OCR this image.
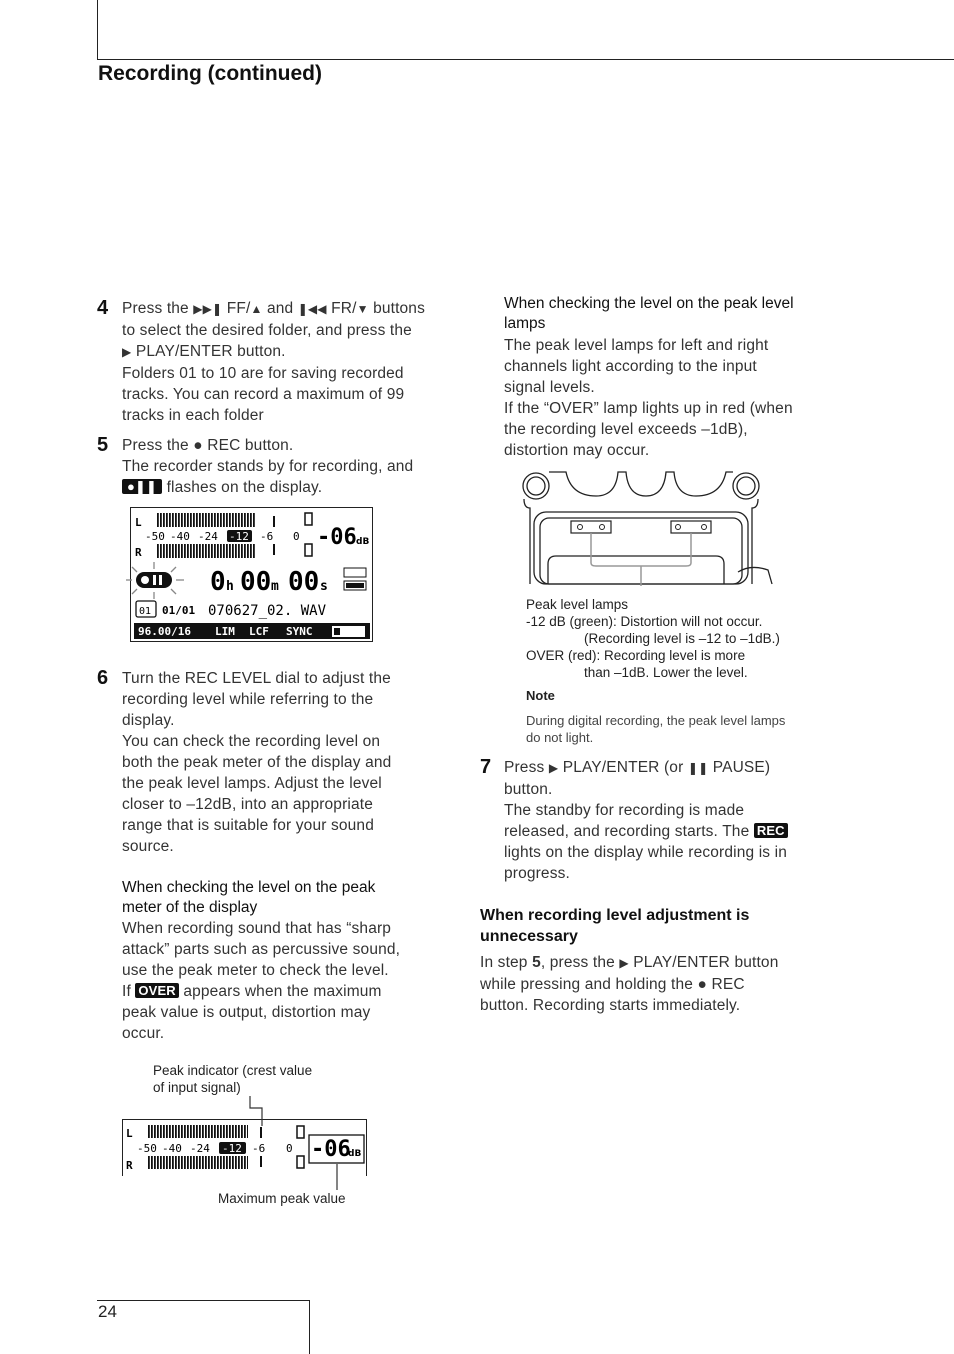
Recording (continued)
4 Press the ▶▶❚ FF/▲ and ❚◀◀ FR/▼ buttons

to select the desired folder, and press the

▶ PLAY/ENTER button.

Folders 01 to 10 are for saving recorded

tracks. You can record a maximum of 99

tracks in each folder

5 Press the ● REC button.

The recorder stands by for recording, and

●❚❚ flashes on the display.

L
R
-50 -40 -24 -12 -6 0 -06 dB
0 h 00 m 00 s
01 01/01 070627_02. WAV
96.00/16 LIM LCF SYNC
6 Turn the REC LEVEL dial to adjust the

recording level while referring to the

display.

You can check the recording level on

both the peak meter of the display and

the peak level lamps. Adjust the level

closer to –12dB, into an appropriate

range that is suitable for your sound

source.

When checking the level on the peak

meter of the display

When recording sound that has “sharp

attack” parts such as percussive sound,

use the peak meter to check the level.

If OVER appears when the maximum

peak value is output, distortion may

occur.

Peak indicator (crest value

of input signal)

L
R
-50 -40 -24 -12 -6 0 -06
dB
Maximum peak value

When checking the level on the peak level

lamps

The peak level lamps for left and right

channels light according to the input

signal levels.

If the “OVER” lamp lights up in red (when

the recording level exceeds –1dB),

distortion may occur.

Peak level lamps

-12 dB (green): Distortion will not occur.

(Recording level is –12 to –1dB.)

OVER (red): Recording level is more

than –1dB. Lower the level.

Note

During digital recording, the peak level lamps

do not light.

7 Press ▶ PLAY/ENTER (or ❚❚ PAUSE)

button.

The standby for recording is made

released, and recording starts. The REC

lights on the display while recording is in

progress.

When recording level adjustment is

unnecessary

In step 5, press the ▶ PLAY/ENTER button

while pressing and holding the ● REC

button. Recording starts immediately.

24
